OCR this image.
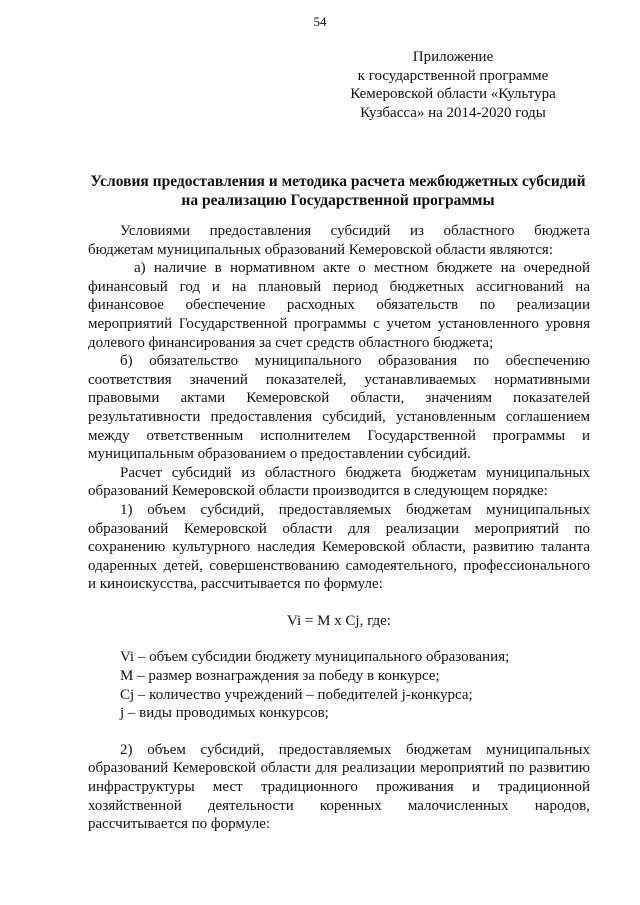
54
Приложение
к государственной программе
Кемеровской области «Культура
Кузбасса» на 2014-2020 годы
Условия предоставления и методика расчета межбюджетных субсидий
на реализацию Государственной программы
Условиями предоставления субсидий из областного бюджета
бюджетам муниципальных образований Кемеровской области являются:
а) наличие в нормативном акте о местном бюджете на очередной
финансовый год и на плановый период бюджетных ассигнований на
финансовое обеспечение расходных обязательств по реализации
мероприятий Государственной программы с учетом установленного уровня
долевого финансирования за счет средств областного бюджета;
б) обязательство муниципального образования по обеспечению
соответствия значений показателей, устанавливаемых нормативными
правовыми актами Кемеровской области, значениям показателей
результативности предоставления субсидий, установленным соглашением
между ответственным исполнителем Государственной программы и
муниципальным образованием о предоставлении субсидий.
Расчет субсидий из областного бюджета бюджетам муниципальных
образований Кемеровской области производится в следующем порядке:
1) объем субсидий, предоставляемых бюджетам муниципальных
образований Кемеровской области для реализации мероприятий по
сохранению культурного наследия Кемеровской области, развитию таланта
одаренных детей, совершенствованию самодеятельного, профессионального
и киноискусства, рассчитывается по формуле:
Vi = M x Cj, где:
Vi – объем субсидии бюджету муниципального образования;
M – размер вознаграждения за победу в конкурсе;
Cj – количество учреждений – победителей j-конкурса;
j – виды проводимых конкурсов;
2) объем субсидий, предоставляемых бюджетам муниципальных
образований Кемеровской области для реализации мероприятий по развитию
инфраструктуры мест традиционного проживания и традиционной
хозяйственной деятельности коренных малочисленных народов,
рассчитывается по формуле:
